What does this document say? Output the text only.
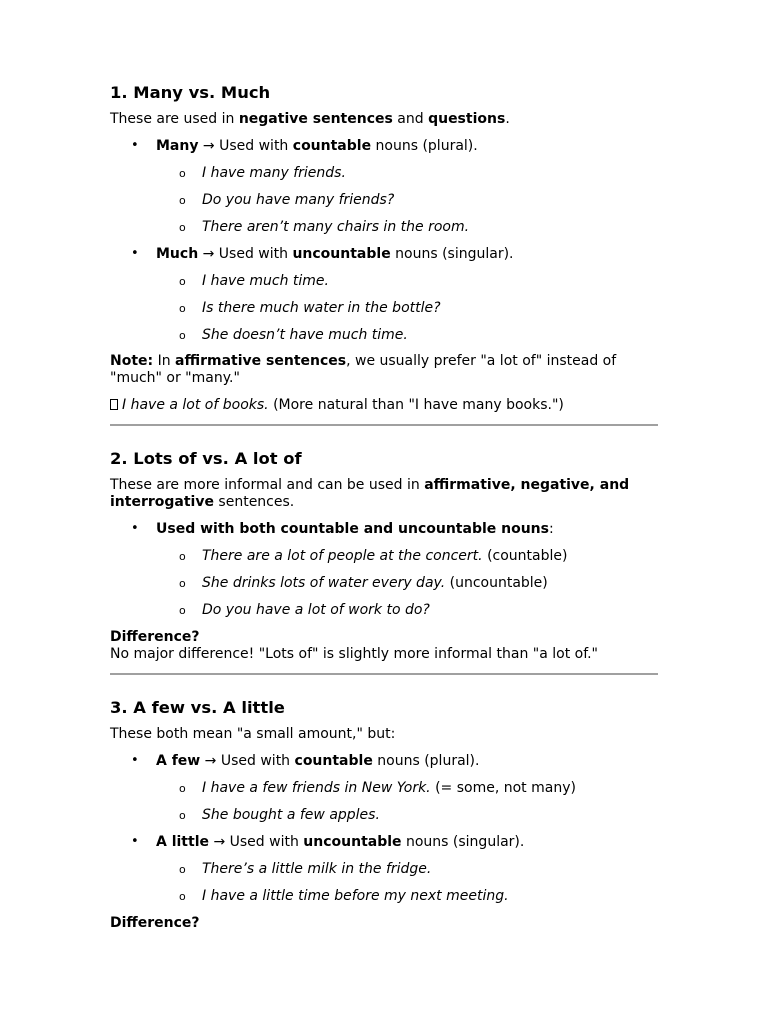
1. Many vs. Much

These are used in negative sentences and questions.

• Many → Used with countable nouns (plural).
o I have many friends.
o Do you have many friends?
o There aren’t many chairs in the room.
• Much → Used with uncountable nouns (singular).
o I have much time.
o Is there much water in the bottle?
o She doesn’t have much time.

Note: In affirmative sentences, we usually prefer "a lot of" instead of "much" or "many."

I have a lot of books. (More natural than "I have many books.")

2. Lots of vs. A lot of

These are more informal and can be used in affirmative, negative, and interrogative sentences.

• Used with both countable and uncountable nouns:
o There are a lot of people at the concert. (countable)
o She drinks lots of water every day. (uncountable)
o Do you have a lot of work to do?
Difference?

No major difference! "Lots of" is slightly more informal than "a lot of."

3. A few vs. A little

These both mean "a small amount," but:

• A few → Used with countable nouns (plural).
o I have a few friends in New York. (= some, not many)
o She bought a few apples.
• A little → Used with uncountable nouns (singular).
o There’s a little milk in the fridge.
o I have a little time before my next meeting.
Difference?
